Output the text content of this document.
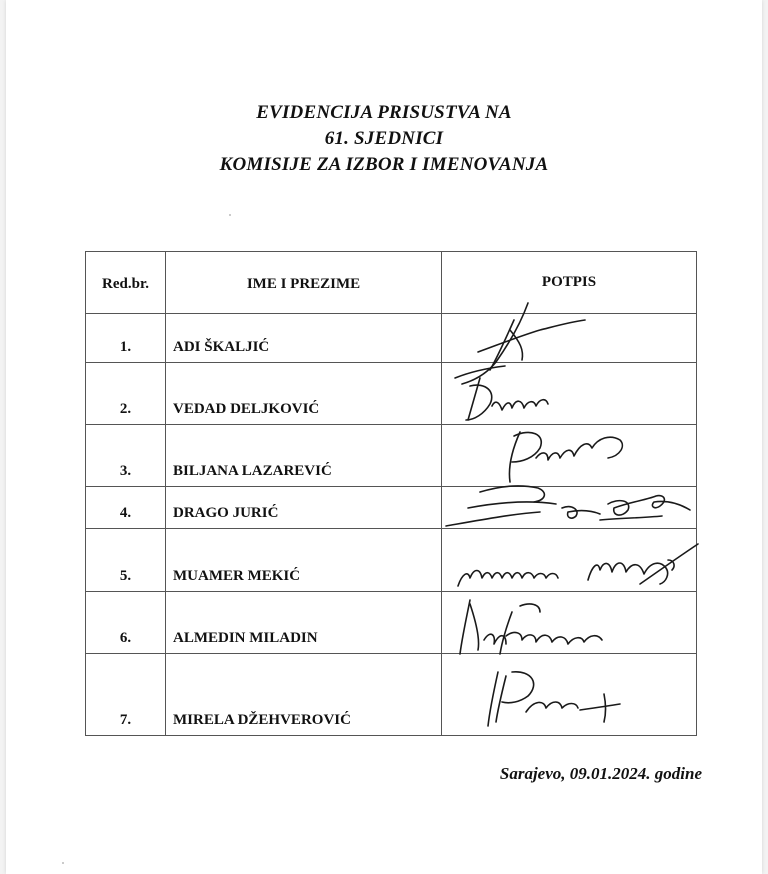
EVIDENCIJA PRISUSTVA NA
61. SJEDNICI
KOMISIJE ZA IZBOR I IMENOVANJA
Red.br.	IME I PREZIME	POTPIS
1.	ADI ŠKALJIĆ	
2.	VEDAD DELJKOVIĆ	
3.	BILJANA LAZAREVIĆ	
4.	DRAGO JURIĆ	
5.	MUAMER MEKIĆ	
6.	ALMEDIN MILADIN	
7.	MIRELA DŽEHVEROVIĆ	
Sarajevo, 09.01.2024. godine
